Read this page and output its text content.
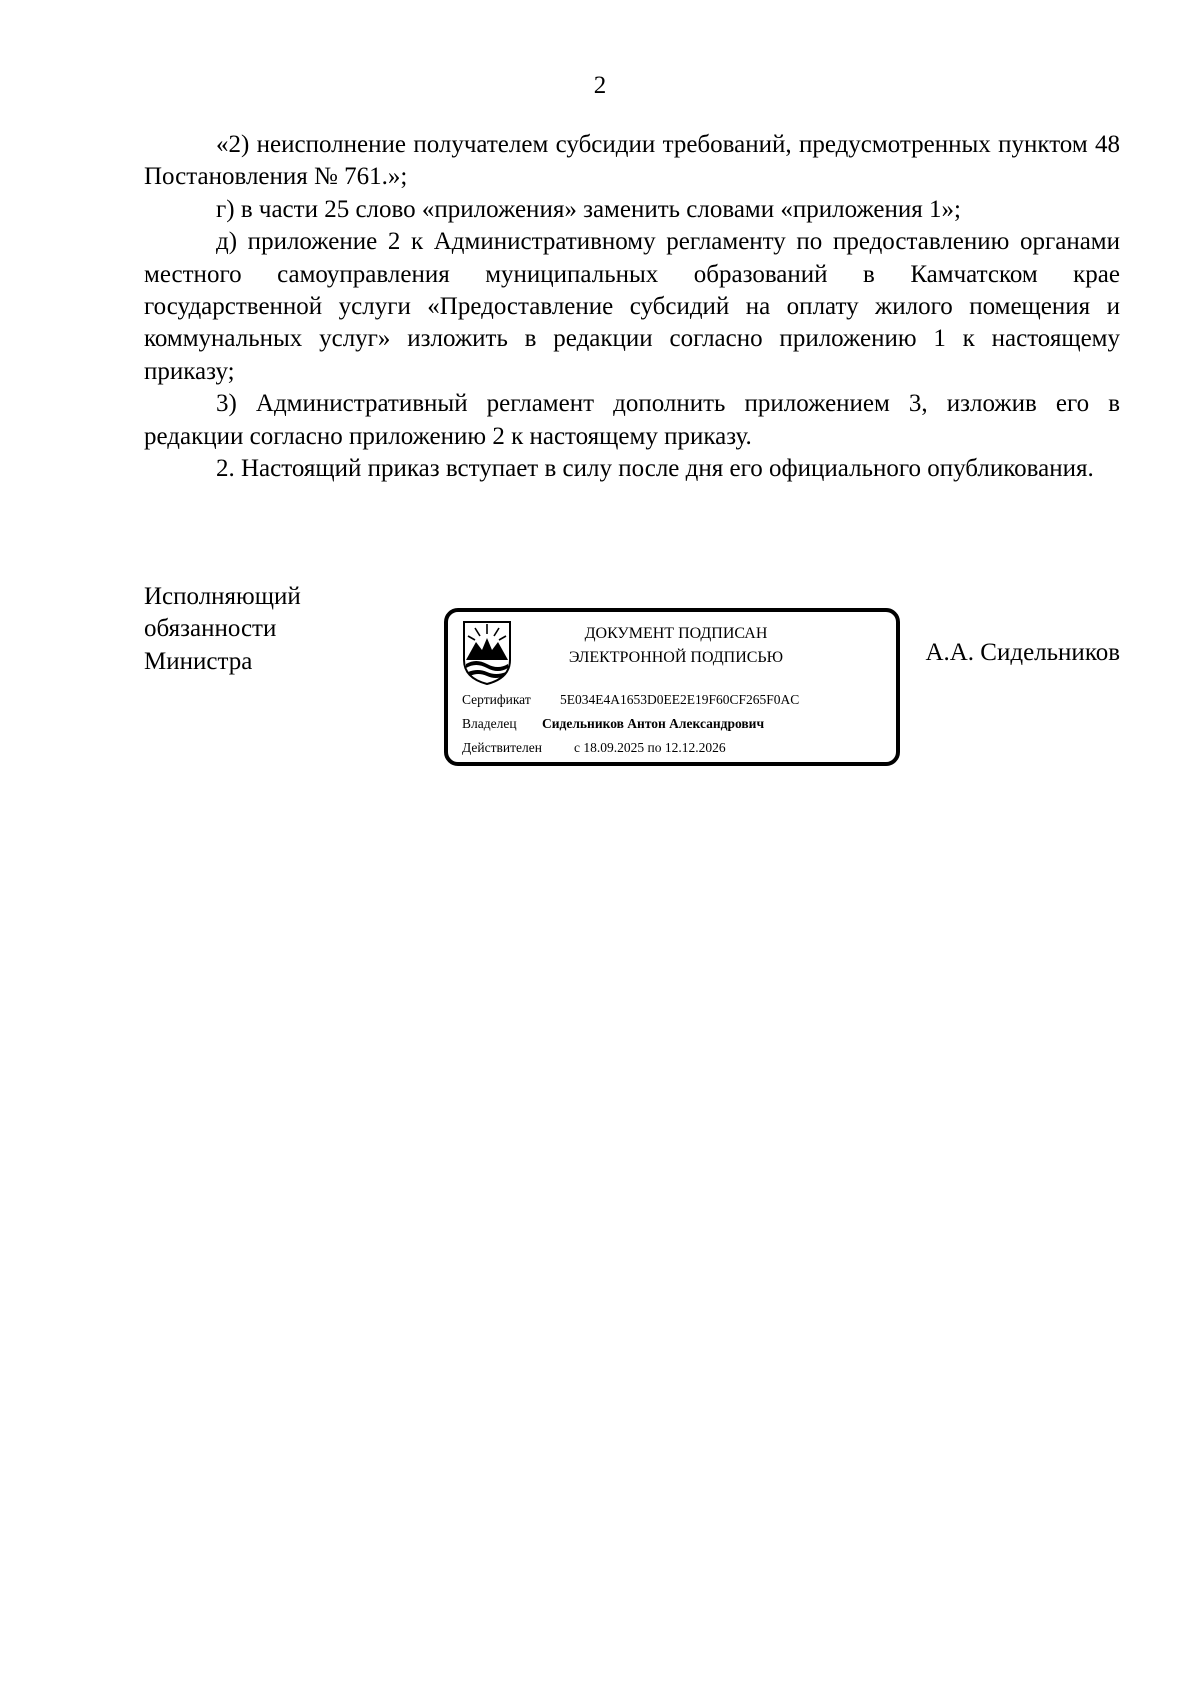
2

«2) неисполнение получателем субсидии требований, предусмотренных пунктом 48 Постановления № 761.»;

г) в части 25 слово «приложения» заменить словами «приложения 1»;

д) приложение 2 к Административному регламенту по предоставлению органами местного самоуправления муниципальных образований в Камчатском крае государственной услуги «Предоставление субсидий на оплату жилого помещения и коммунальных услуг» изложить в редакции согласно приложению 1 к настоящему приказу;

3) Административный регламент дополнить приложением 3, изложив его в редакции согласно приложению 2 к настоящему приказу.

2. Настоящий приказ вступает в силу после дня его официального опубликования.

Исполняющий
обязанности
Министра	А.А. Сидельников
ДОКУМЕНТ ПОДПИСАН
ЭЛЕКТРОННОЙ ПОДПИСЬЮ
Сертификат 5E034E4A1653D0EE2E19F60CF265F0AC
Владелец Сидельников Антон Александрович
Действителен с 18.09.2025 по 12.12.2026
